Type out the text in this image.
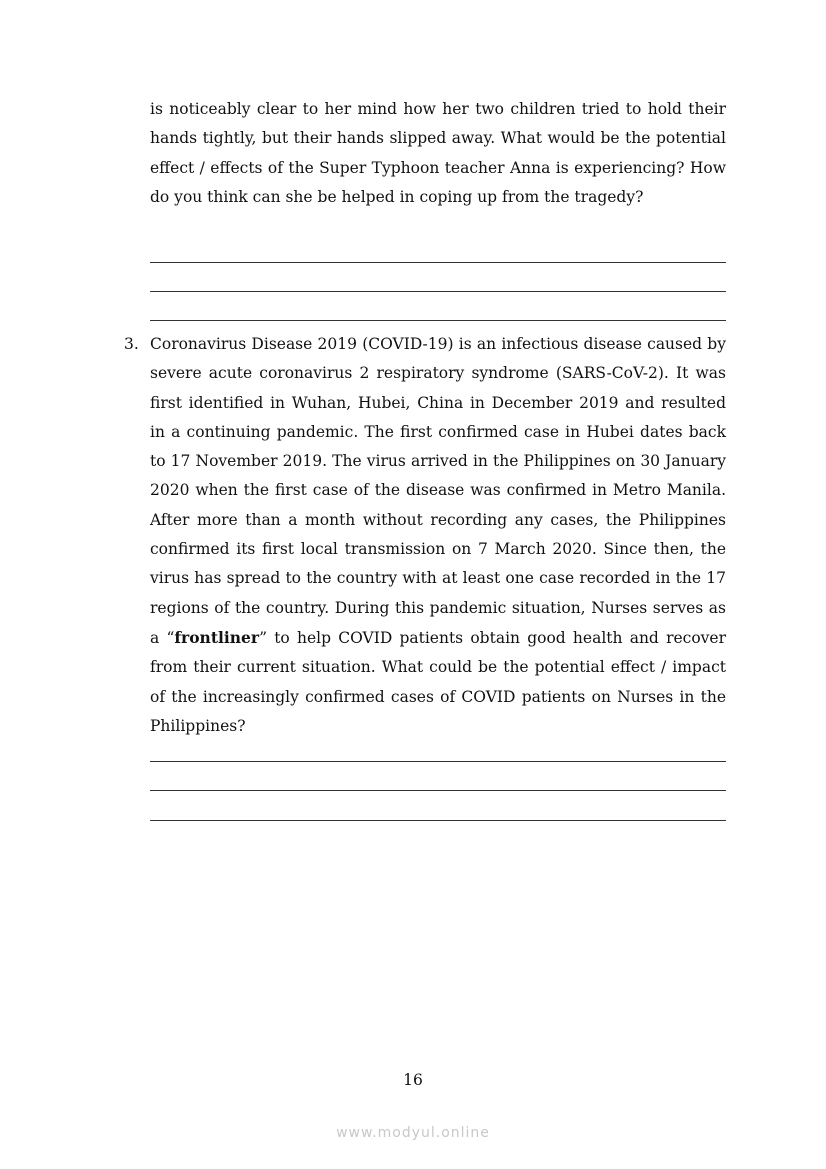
is noticeably clear to her mind how her two children tried to hold their hands tightly, but their hands slipped away. What would be the potential effect / effects of the Super Typhoon teacher Anna is experiencing? How do you think can she be helped in coping up from the tragedy?

3. Coronavirus Disease 2019 (COVID-19) is an infectious disease caused by severe acute coronavirus 2 respiratory syndrome (SARS-CoV-2). It was first identified in Wuhan, Hubei, China in December 2019 and resulted in a continuing pandemic. The first confirmed case in Hubei dates back to 17 November 2019. The virus arrived in the Philippines on 30 January 2020 when the first case of the disease was confirmed in Metro Manila. After more than a month without recording any cases, the Philippines confirmed its first local transmission on 7 March 2020. Since then, the virus has spread to the country with at least one case recorded in the 17 regions of the country. During this pandemic situation, Nurses serves as a “frontliner” to help COVID patients obtain good health and recover from their current situation. What could be the potential effect / impact of the increasingly confirmed cases of COVID patients on Nurses in the Philippines?

16
www.modyul.online
